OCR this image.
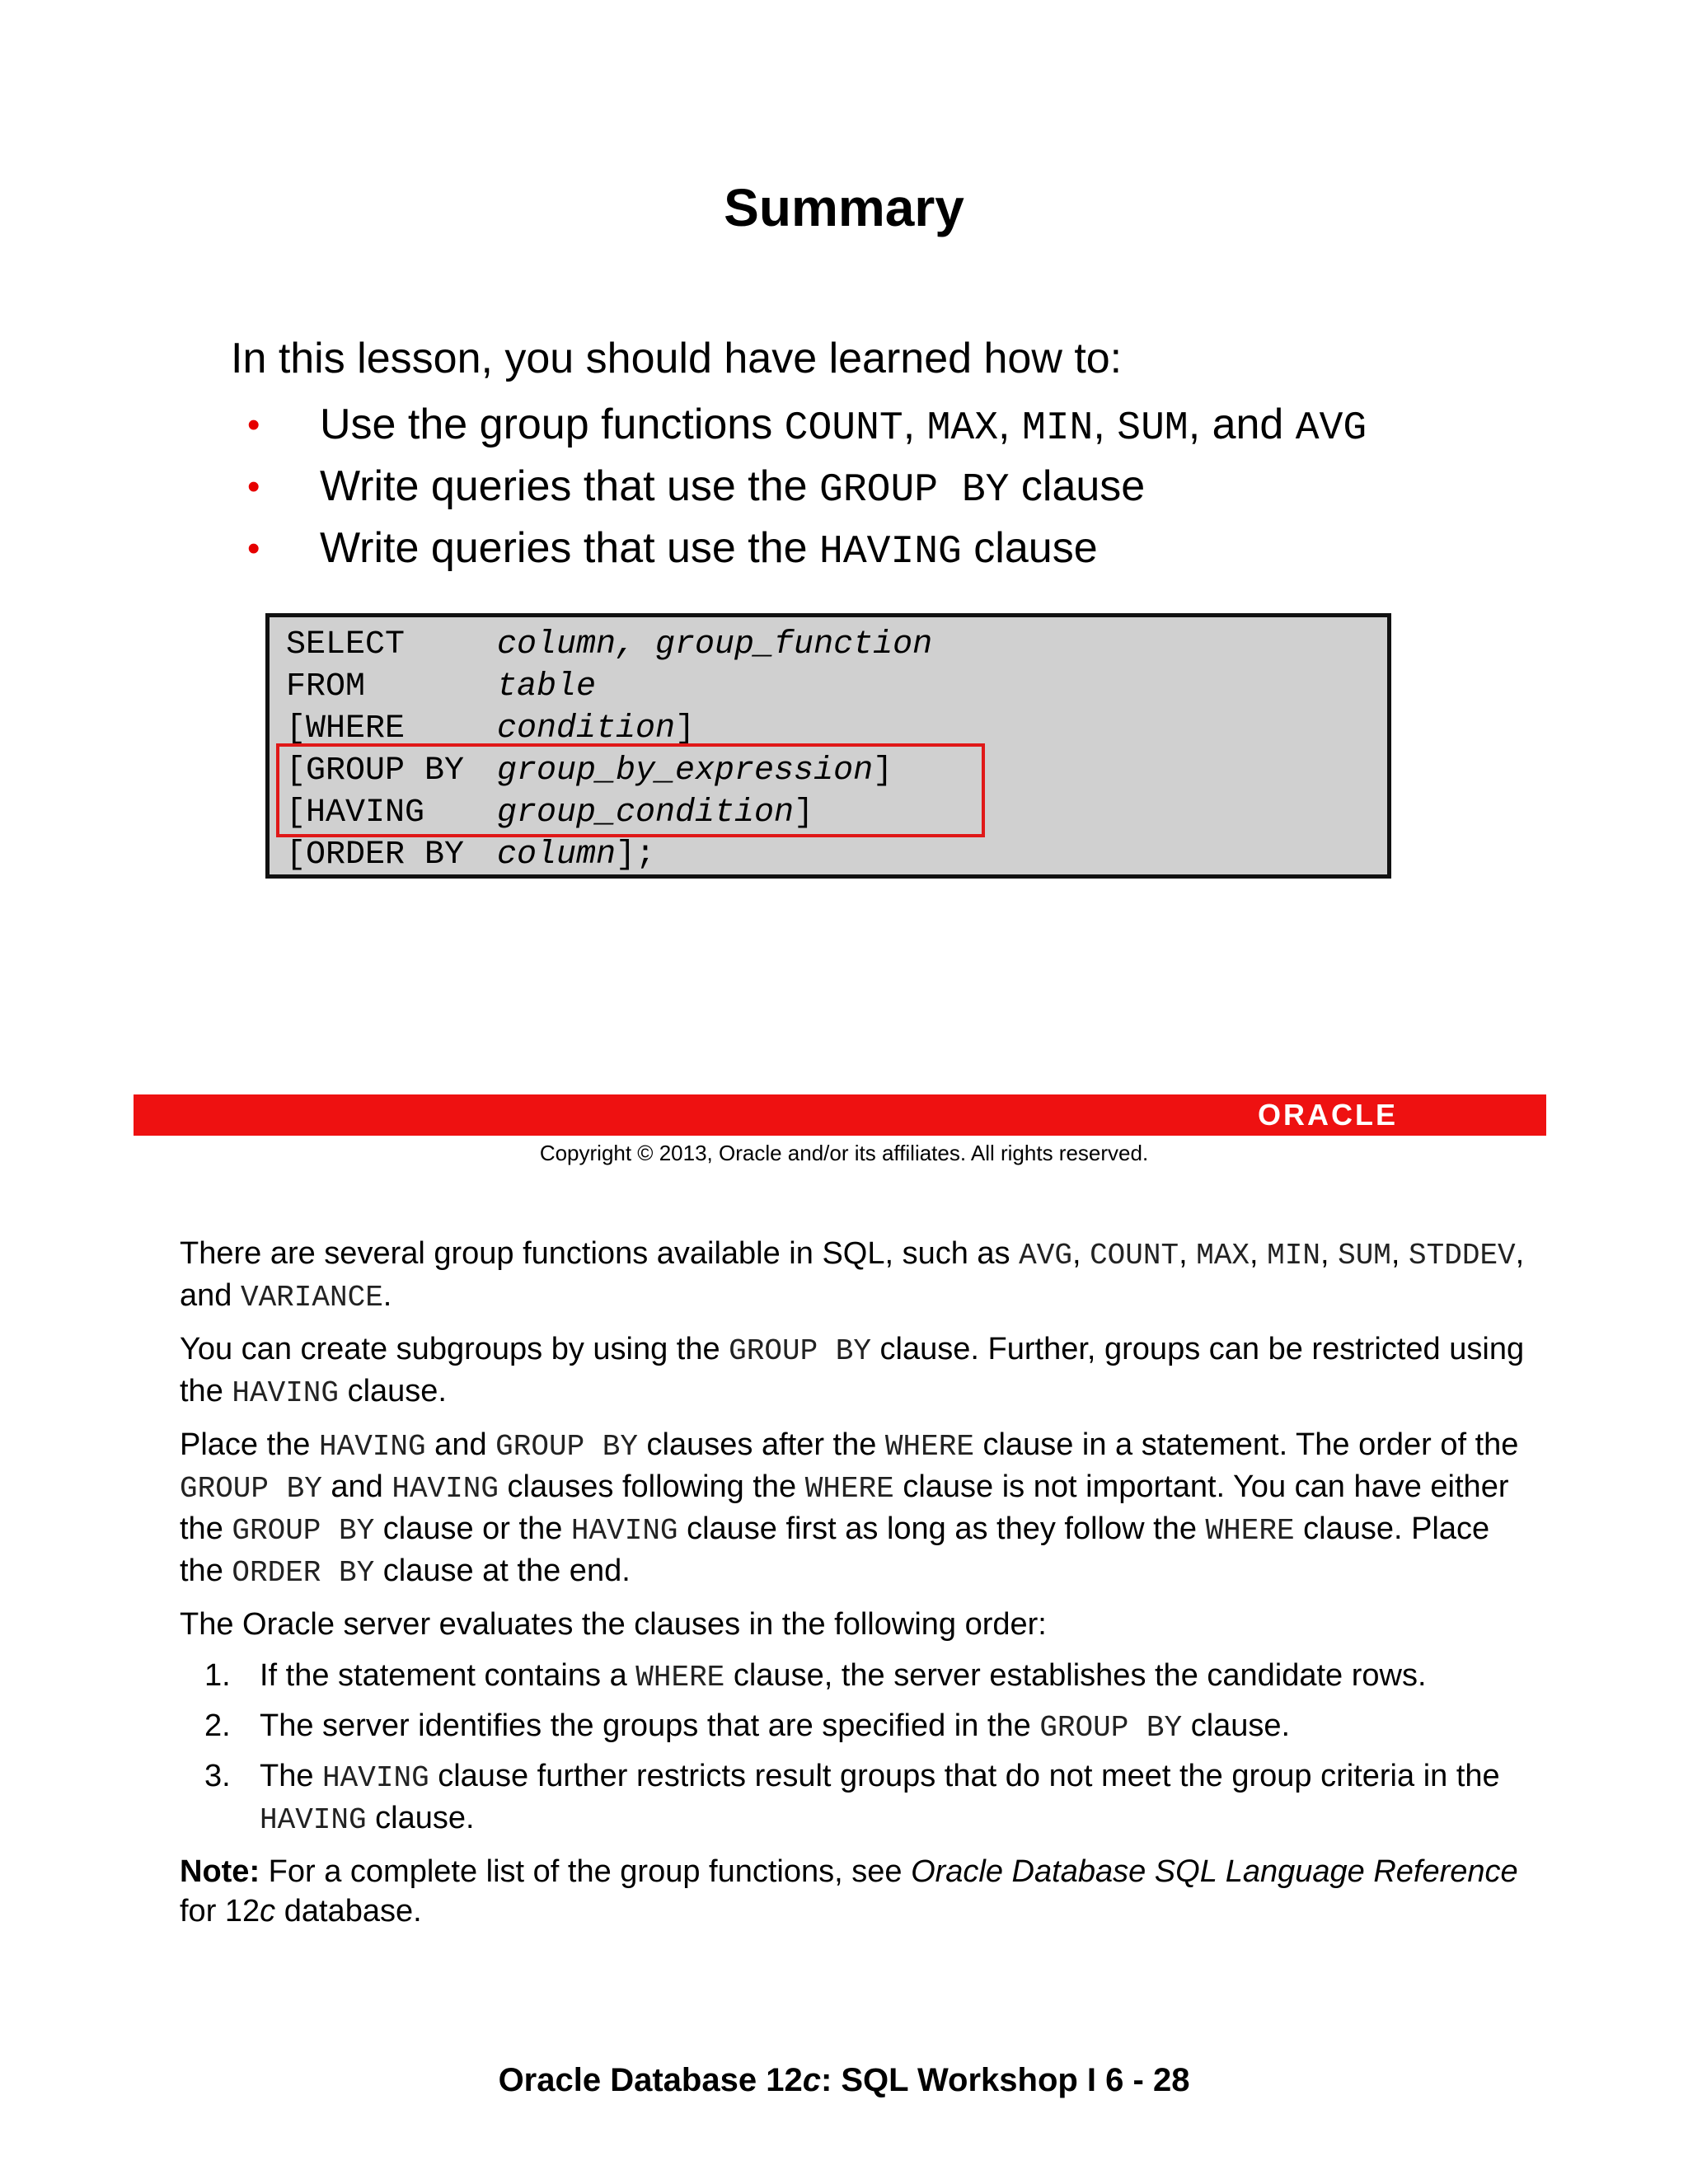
Summary

In this lesson, you should have learned how to:

• Use the group functions COUNT, MAX, MIN, SUM, and AVG
• Write queries that use the GROUP BY clause
• Write queries that use the HAVING clause
SELECT	column, group_function
FROM	table
[WHERE	condition]
[GROUP BY group_by_expression]
[HAVING group_condition]
[ORDER BY column];
ORACLE
Copyright © 2013, Oracle and/or its affiliates. All rights reserved.

There are several group functions available in SQL, such as AVG, COUNT, MAX, MIN, SUM, STDDEV, and VARIANCE.

You can create subgroups by using the GROUP BY clause. Further, groups can be restricted using the HAVING clause.

Place the HAVING and GROUP BY clauses after the WHERE clause in a statement. The order of the GROUP BY and HAVING clauses following the WHERE clause is not important. You can have either the GROUP BY clause or the HAVING clause first as long as they follow the WHERE clause. Place the ORDER BY clause at the end.

The Oracle server evaluates the clauses in the following order:

1. If the statement contains a WHERE clause, the server establishes the candidate rows.
2. The server identifies the groups that are specified in the GROUP BY clause.
3. The HAVING clause further restricts result groups that do not meet the group criteria in the HAVING clause.

Note: For a complete list of the group functions, see Oracle Database SQL Language Reference for 12c database.

Oracle Database 12c: SQL Workshop I 6 - 28
